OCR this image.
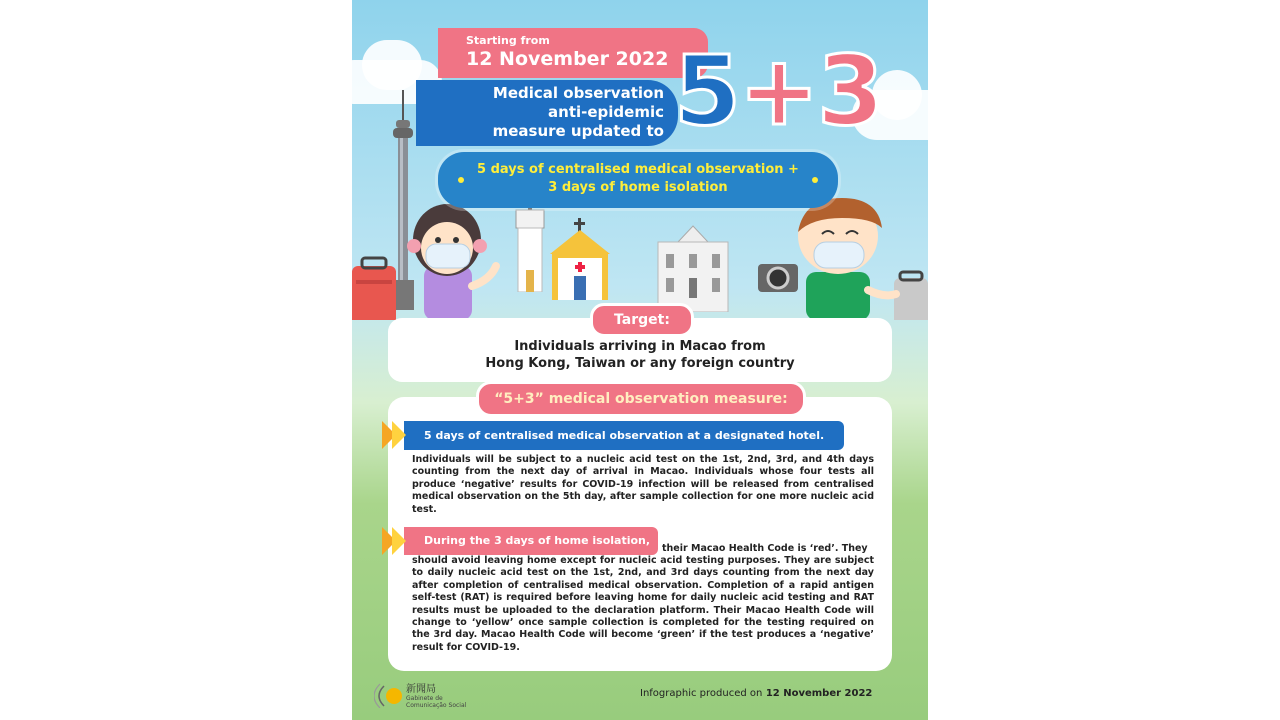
Starting from
12 November 2022
Medical observation
anti-epidemic
measure updated to 5+3
5 days of centralised medical observation +
3 days of home isolation
Individuals arriving in Macao from
Hong Kong, Taiwan or any foreign country
Target:
“5+3” medical observation measure:
5 days of centralised medical observation at a designated hotel.
Individuals will be subject to a nucleic acid test on the 1st, 2nd, 3rd, and 4th days counting from the next day of arrival in Macao. Individuals whose four tests all produce ‘negative’ results for COVID-19 infection will be released from centralised medical observation on the 5th day, after sample collection for one more nucleic acid test.
During the 3 days of home isolation,
their Macao Health Code is ‘red’. They
should avoid leaving home except for nucleic acid testing purposes. They are subject to daily nucleic acid test on the 1st, 2nd, and 3rd days counting from the next day after completion of centralised medical observation. Completion of a rapid antigen self-test (RAT) is required before leaving home for daily nucleic acid testing and RAT results must be uploaded to the declaration platform. Their Macao Health Code will change to ‘yellow’ once sample collection is completed for the testing required on the 3rd day. Macao Health Code will become ‘green’ if the test produces a ‘negative’ result for COVID-19.
新聞局
Gabinete de
Comunicação Social
Infographic produced on 12 November 2022
